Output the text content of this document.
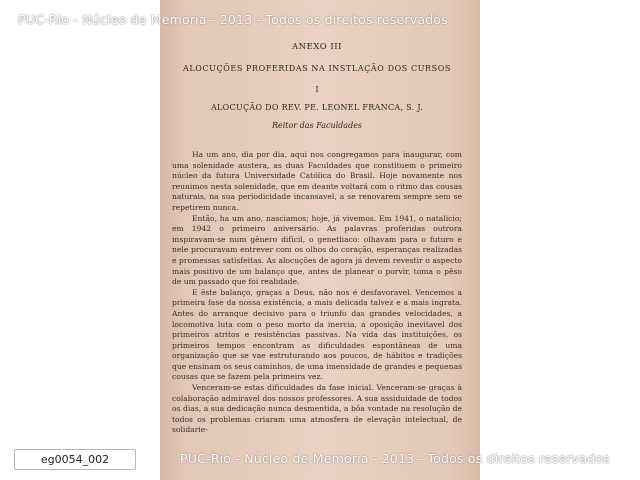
ANEXO III
ALOCUÇÕES PROFERIDAS NA INSTLAÇÃO DOS CURSOS
I
ALOCUÇÃO DO REV. PE. LEONEL FRANCA, S. J.
Reitor das Faculdades

Ha um ano, dia por dia, aqui nos congregamos para inaugurar, com uma solenidade austera, as duas Faculdades que constituem o primeiro núcleo da futura Universidade Católica do Brasil. Hoje novamente nos reunimos nesta solenidade, que em deante voltará com o ritmo das cousas naturais, na sua periodicidade incansavel, a se renovarem sempre sem se repetirem nunca.

Então, ha um ano, nasciamos; hoje, já vivemos. Em 1941, o natalicio; em 1942 o primeiro aniversário. As palavras proferidas outrora inspiravam-se num gênero difícil, o genetliaco: olhavam para o futuro e nele procuravam entrever com os olhos do coração, esperanças realizadas e promessas satisfeitas. As alocuções de agora já devem revestir o aspecto mais positivo de um balanço que, antes de planear o porvir, toma o pêso de um passado que foi realidade.

E êste balanço, graças a Deus, não nos é desfavoravel. Vencemos a primeira fase da nossa existência, a mais delicada talvez e a mais ingrata. Antes do arranque decisivo para o triunfo das grandes velocidades, a locomotiva luta com o peso morto da inercia, a oposição inevitavel dos primeiros atritos e resistências passivas. Na vida das instituições, os primeiros tempos encontram as dificuldades espontâneas de uma organização que se vae estruturando aos poucos, de hábitos e tradições que ensinam os seus caminhos, de uma imensidade de grandes e pequenas cousas que se fazem pela primeira vez.

Venceram-se estas dificuldades da fase inicial. Venceram-se graças à colaboração admiravel dos nossos professores. A sua assiduidade de todos os dias, a sua dedicação nunca desmentida, a bôa vontade na resolução de todos os problemas criaram uma atmosfera de elevação intelectual, de solidarie-

PUC-Rio - Núcleo de Memória - 2013 - Todos os direitos reservados
PUC-Rio - Núcleo de Memória - 2013 - Todos os direitos reservados
eg0054_002
